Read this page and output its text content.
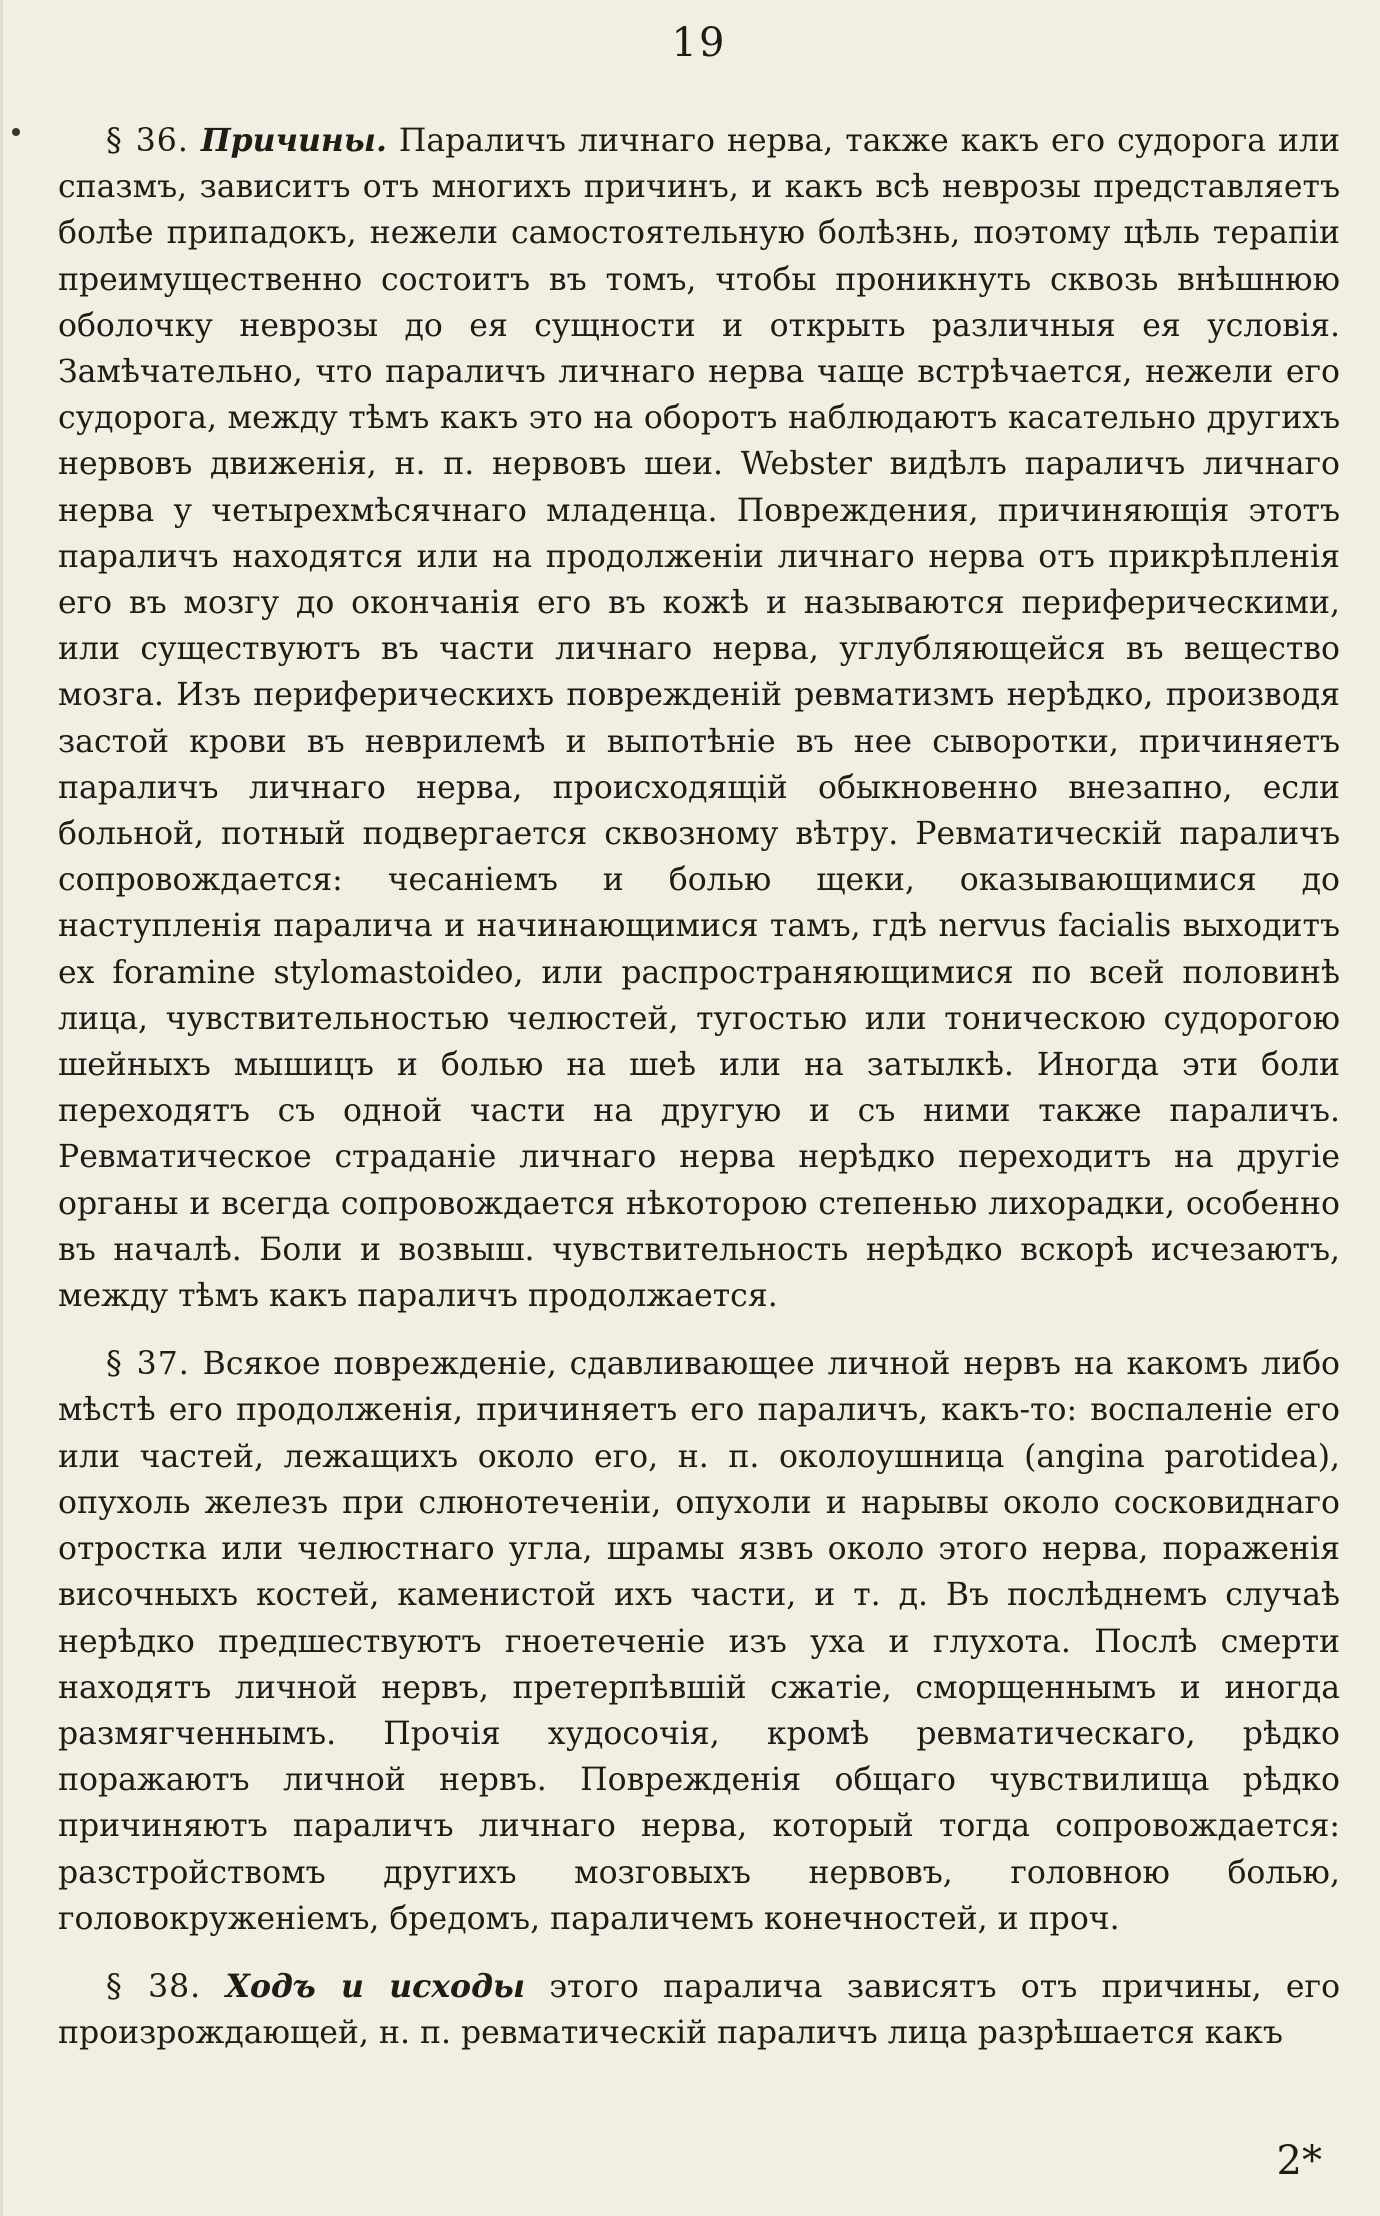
19

§ 36. Причины. Параличъ личнаго нерва, также какъ его судорога или спазмъ, зависитъ отъ многихъ причинъ, и какъ всѣ неврозы представляетъ болѣе припадокъ, нежели самостоятельную болѣзнь, поэтому цѣль терапіи преимущественно состоитъ въ томъ, чтобы проникнуть сквозь внѣшнюю оболочку неврозы до ея сущности и открыть различныя ея условія. Замѣчательно, что параличъ личнаго нерва чаще встрѣчается, нежели его судорога, между тѣмъ какъ это на оборотъ наблюдаютъ касательно другихъ нервовъ движенія, н. п. нервовъ шеи. Webster видѣлъ параличъ личнаго нерва у четырехмѣсячнаго младенца. Повреждения, причиняющія этотъ параличъ находятся или на продолженіи личнаго нерва отъ прикрѣпленія его въ мозгу до окончанія его въ кожѣ и называются периферическими, или существуютъ въ части личнаго нерва, углубляющейся въ вещество мозга. Изъ периферическихъ поврежденій ревматизмъ нерѣдко, производя застой крови въ неврилемѣ и выпотѣніе въ нее сыворотки, причиняетъ параличъ личнаго нерва, происходящій обыкновенно внезапно, если больной, потный подвергается сквозному вѣтру. Ревматическій параличъ сопровождается: чесаніемъ и болью щеки, оказывающимися до наступленія паралича и начинающимися тамъ, гдѣ nervus facialis выходитъ ex foramine stylomastoideo, или распространяющимися по всей половинѣ лица, чувствительностью челюстей, тугостью или тоническою судорогою шейныхъ мышицъ и болью на шеѣ или на затылкѣ. Иногда эти боли переходятъ съ одной части на другую и съ ними также параличъ. Ревматическое страданіе личнаго нерва нерѣдко переходитъ на другіе органы и всегда сопровождается нѣкоторою степенью лихорадки, особенно въ началѣ. Боли и возвыш. чувствительность нерѣдко вскорѣ исчезаютъ, между тѣмъ какъ параличъ продолжается.

§ 37. Всякое поврежденіе, сдавливающее личной нервъ на какомъ либо мѣстѣ его продолженія, причиняетъ его параличъ, какъ-то: воспаленіе его или частей, лежащихъ около его, н. п. околоушница (angina parotidea), опухоль железъ при слюнотеченіи, опухоли и нарывы около сосковиднаго отростка или челюстнаго угла, шрамы язвъ около этого нерва, пораженія височныхъ костей, каменистой ихъ части, и т. д. Въ послѣднемъ случаѣ нерѣдко предшествуютъ гноетеченіе изъ уха и глухота. Послѣ смерти находятъ личной нервъ, претерпѣвшій сжатіе, сморщеннымъ и иногда размягченнымъ. Прочія худосочія, кромѣ ревматическаго, рѣдко поражаютъ личной нервъ. Поврежденія общаго чувствилища рѣдко причиняютъ параличъ личнаго нерва, который тогда сопровождается: разстройствомъ другихъ мозговыхъ нервовъ, головною болью, головокруженіемъ, бредомъ, параличемъ конечностей, и проч.

§ 38. Ходъ и исходы этого паралича зависятъ отъ причины, его произрождающей, н. п. ревматическій параличъ лица разрѣшается какъ

2*
